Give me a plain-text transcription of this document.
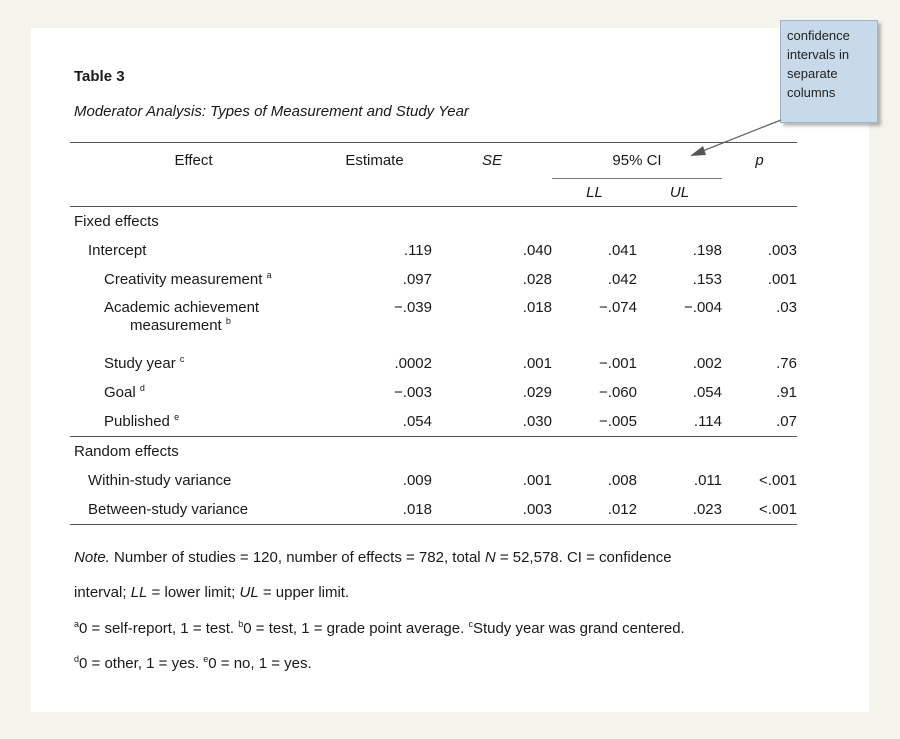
Table 3
Moderator Analysis: Types of Measurement and Study Year
confidence
intervals in
separate
columns
Effect	Estimate	SE	95% CI		p
			LL	UL	
Fixed effects					
Intercept	.119	.040	.041	.198	.003
Creativity measurement $^a$	.097	.028	.042	.153	.001

Academic achievement
measurement $^b$	−.039	.018	−.074	−.004	.03
Study year $^c$	.0002	.001	−.001	.002	.76
Goal $^d$	−.003	.029	−.060	.054	.91
Published $^e$	.054	.030	−.005	.114	.07
Random effects					
Within-study variance	.009	.001	.008	.011	<.001
Between-study variance	.018	.003	.012	.023	<.001
Note. Number of studies = 120, number of effects = 782, total N = 52,578. CI = confidence
interval; LL = lower limit; UL = upper limit.
$^a$0 = self-report, 1 = test. $^b$0 = test, 1 = grade point average. $^c$Study year was grand centered.
$^d$0 = other, 1 = yes. $^e$0 = no, 1 = yes.
